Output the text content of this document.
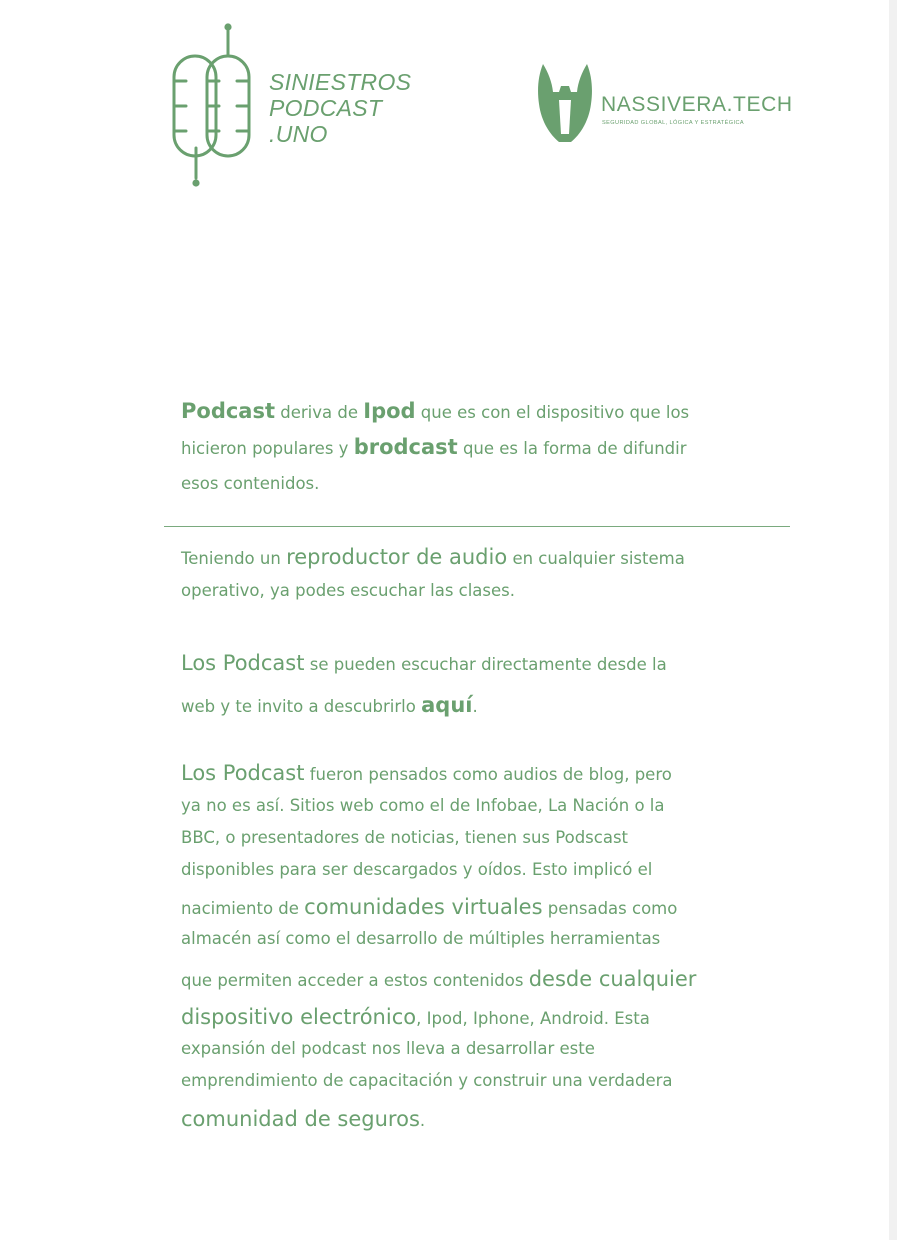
SINIESTROS
PODCAST
.UNO
NASSIVERA.TECH
SEGURIDAD GLOBAL, LÓGICA Y ESTRATÉGICA
Podcast deriva de Ipod que es con el dispositivo que los
hicieron populares y brodcast que es la forma de difundir
esos contenidos.
Teniendo un reproductor de audio en cualquier sistema
operativo, ya podes escuchar las clases.
Los Podcast se pueden escuchar directamente desde la
web y te invito a descubrirlo aquí.
Los Podcast fueron pensados como audios de blog, pero
ya no es así. Sitios web como el de Infobae, La Nación o la
BBC, o presentadores de noticias, tienen sus Podscast
disponibles para ser descargados y oídos. Esto implicó el
nacimiento de comunidades virtuales pensadas como
almacén así como el desarrollo de múltiples herramientas
que permiten acceder a estos contenidos desde cualquier
dispositivo electrónico, Ipod, Iphone, Android. Esta
expansión del podcast nos lleva a desarrollar este
emprendimiento de capacitación y construir una verdadera
comunidad de seguros.
